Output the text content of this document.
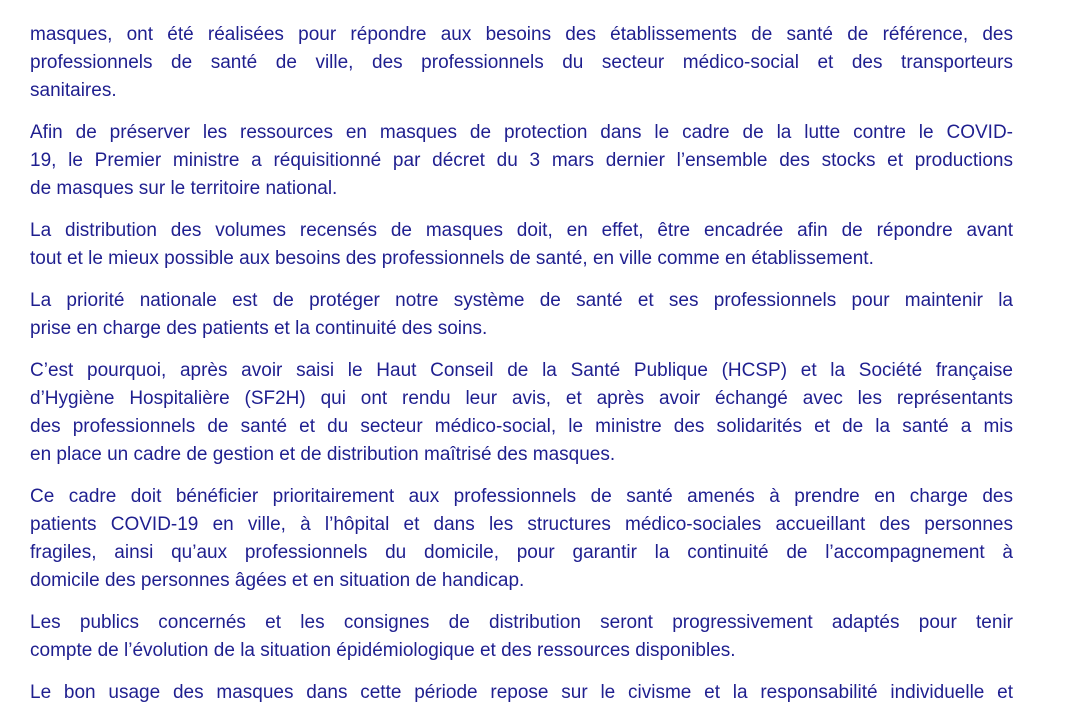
masques, ont été réalisées pour répondre aux besoins des établissements de santé de référence, des
professionnels de santé de ville, des professionnels du secteur médico-social et des transporteurs
sanitaires.

Afin de préserver les ressources en masques de protection dans le cadre de la lutte contre le COVID-
19, le Premier ministre a réquisitionné par décret du 3 mars dernier l’ensemble des stocks et productions
de masques sur le territoire national.

La distribution des volumes recensés de masques doit, en effet, être encadrée afin de répondre avant
tout et le mieux possible aux besoins des professionnels de santé, en ville comme en établissement.

La priorité nationale est de protéger notre système de santé et ses professionnels pour maintenir la
prise en charge des patients et la continuité des soins.

C’est pourquoi, après avoir saisi le Haut Conseil de la Santé Publique (HCSP) et la Société française
d’Hygiène Hospitalière (SF2H) qui ont rendu leur avis, et après avoir échangé avec les représentants
des professionnels de santé et du secteur médico-social, le ministre des solidarités et de la santé a mis
en place un cadre de gestion et de distribution maîtrisé des masques.

Ce cadre doit bénéficier prioritairement aux professionnels de santé amenés à prendre en charge des
patients COVID-19 en ville, à l’hôpital et dans les structures médico-sociales accueillant des personnes
fragiles, ainsi qu’aux professionnels du domicile, pour garantir la continuité de l’accompagnement à
domicile des personnes âgées et en situation de handicap.

Les publics concernés et les consignes de distribution seront progressivement adaptés pour tenir
compte de l’évolution de la situation épidémiologique et des ressources disponibles.

Le bon usage des masques dans cette période repose sur le civisme et la responsabilité individuelle et
